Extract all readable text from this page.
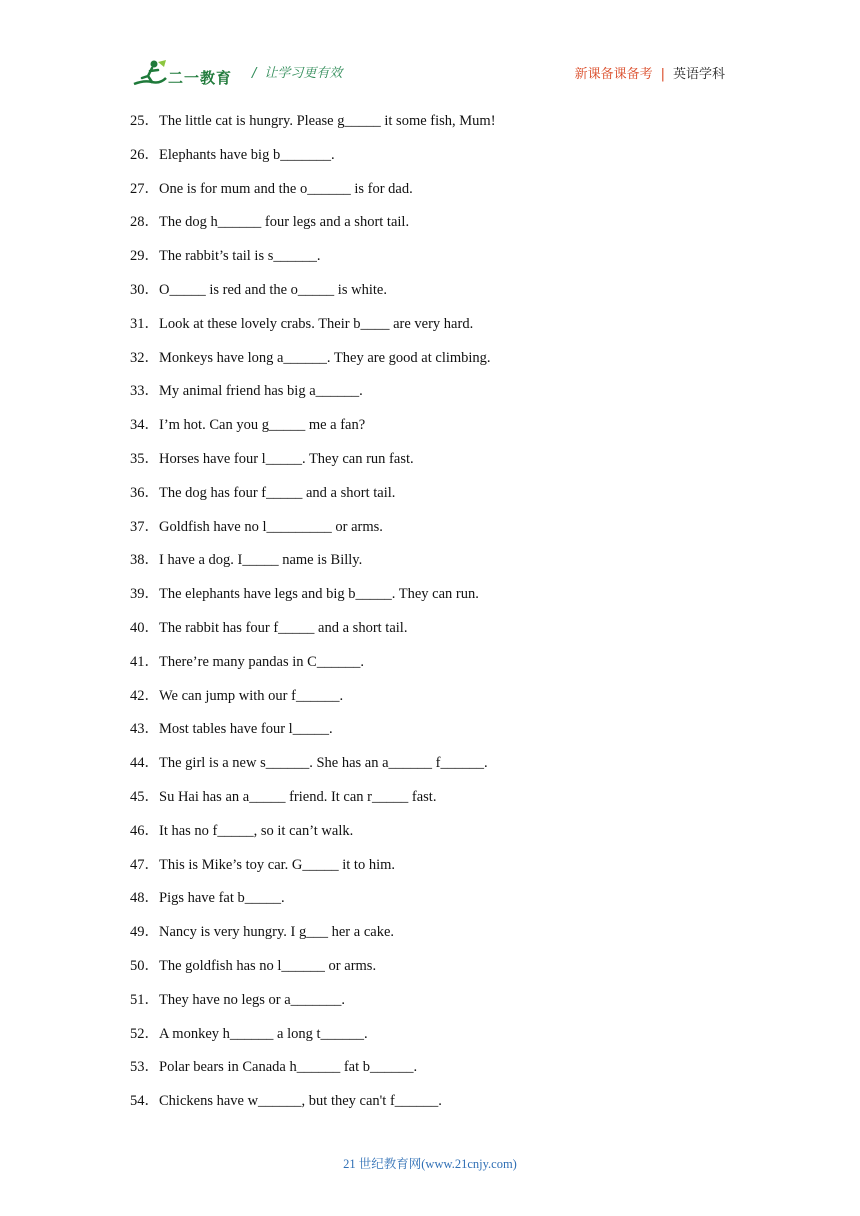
二一教育 / 让学习更有效	新课备课备考 | 英语学科
25．The little cat is hungry. Please g_____ it some fish, Mum!
26．Elephants have big b_______.
27．One is for mum and the o______ is for dad.
28．The dog h______ four legs and a short tail.
29．The rabbit’s tail is s______.
30．O_____ is red and the o_____ is white.
31．Look at these lovely crabs. Their b____ are very hard.
32．Monkeys have long a______. They are good at climbing.
33．My animal friend has big a______.
34．I’m hot. Can you g_____ me a fan?
35．Horses have four l_____. They can run fast.
36．The dog has four f_____ and a short tail.
37．Goldfish have no l_________ or arms.
38．I have a dog. I_____ name is Billy.
39．The elephants have legs and big b_____. They can run.
40．The rabbit has four f_____ and a short tail.
41．There’re many pandas in C______.
42．We can jump with our f______.
43．Most tables have four l_____.
44．The girl is a new s______. She has an a______ f______.
45．Su Hai has an a_____ friend. It can r_____ fast.
46．It has no f_____, so it can’t walk.
47．This is Mike’s toy car. G_____ it to him.
48．Pigs have fat b_____.
49．Nancy is very hungry. I g___ her a cake.
50．The goldfish has no l______ or arms.
51．They have no legs or a_______.
52．A monkey h______ a long t______.
53．Polar bears in Canada h______ fat b______.
54．Chickens have w______, but they can't f______.
21 世纪教育网(www.21cnjy.com)
